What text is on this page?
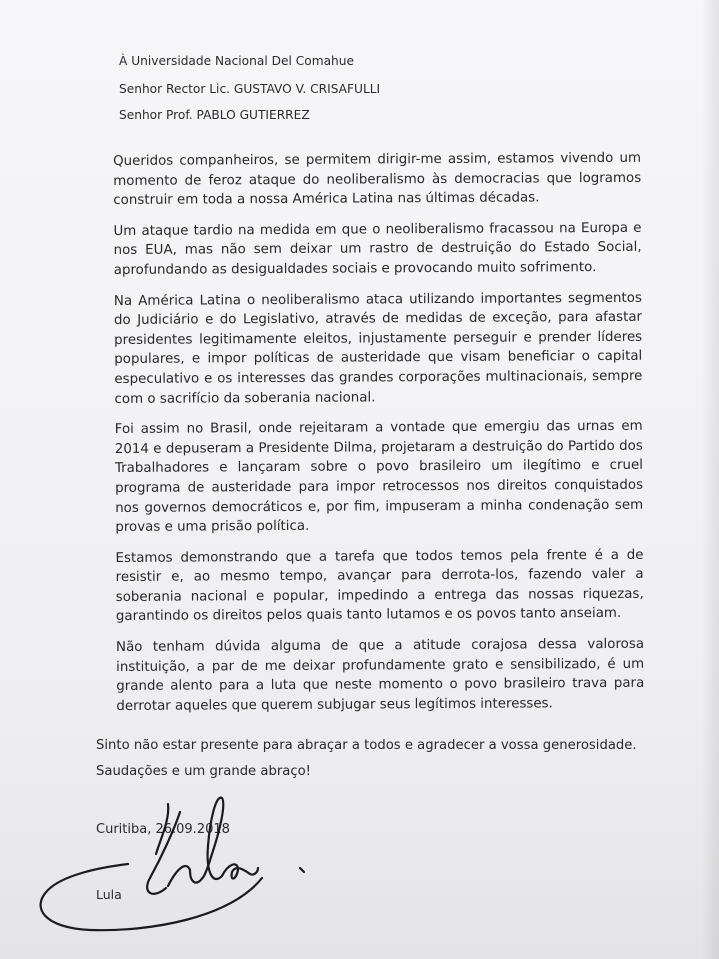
À Universidade Nacional Del Comahue
Senhor Rector Lic. GUSTAVO V. CRISAFULLI
Senhor Prof. PABLO GUTIERREZ

Queridos companheiros, se permitem dirigir-me assim, estamos vivendo um momento de feroz ataque do neoliberalismo às democracias que logramos construir em toda a nossa América Latina nas últimas décadas.

Um ataque tardio na medida em que o neoliberalismo fracassou na Europa e nos EUA, mas não sem deixar um rastro de destruição do Estado Social, aprofundando as desigualdades sociais e provocando muito sofrimento.

Na América Latina o neoliberalismo ataca utilizando importantes segmentos do Judiciário e do Legislativo, através de medidas de exceção, para afastar presidentes legitimamente eleitos, injustamente perseguir e prender líderes populares, e impor políticas de austeridade que visam beneficiar o capital especulativo e os interesses das grandes corporações multinacionais, sempre com o sacrifício da soberania nacional.

Foi assim no Brasil, onde rejeitaram a vontade que emergiu das urnas em 2014 e depuseram a Presidente Dilma, projetaram a destruição do Partido dos Trabalhadores e lançaram sobre o povo brasileiro um ilegítimo e cruel programa de austeridade para impor retrocessos nos direitos conquistados nos governos democráticos e, por fim, impuseram a minha condenação sem provas e uma prisão política.

Estamos demonstrando que a tarefa que todos temos pela frente é a de resistir e, ao mesmo tempo, avançar para derrota-los, fazendo valer a soberania nacional e popular, impedindo a entrega das nossas riquezas, garantindo os direitos pelos quais tanto lutamos e os povos tanto anseiam.

Não tenham dúvida alguma de que a atitude corajosa dessa valorosa instituição, a par de me deixar profundamente grato e sensibilizado, é um grande alento para a luta que neste momento o povo brasileiro trava para derrotar aqueles que querem subjugar seus legítimos interesses.

Sinto não estar presente para abraçar a todos e agradecer a vossa generosidade.
Saudações e um grande abraço!
Curitiba, 26.09.2018
Lula
